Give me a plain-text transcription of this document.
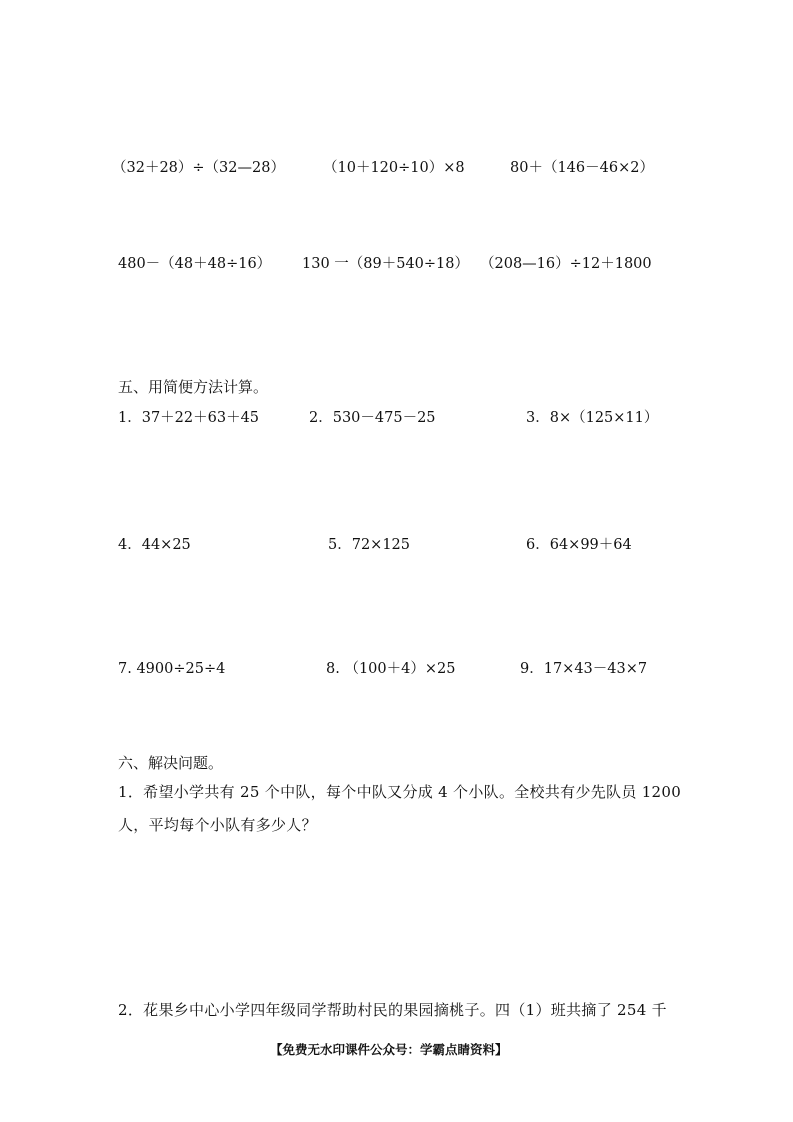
（32＋28）÷（32—28）	（10＋120÷10）×8	80＋（146－46×2）
480－（48＋48÷16） 130 一（89＋540÷18） （208—16）÷12＋1800
五、用简便方法计算。
1．37＋22＋63＋45	2．530－475－25	3．8×（125×11）
4．44×25	5．72×125	6．64×99＋64
7. 4900÷25÷4	8. （100＋4）×25	9．17×43－43×7
六、解决问题。
1．希望小学共有 25 个中队，每个中队又分成 4 个小队。全校共有少先队员 1200
人，平均每个小队有多少人？
2．花果乡中心小学四年级同学帮助村民的果园摘桃子。四（1）班共摘了 254 千
【免费无水印课件公众号：学霸点睛资料】
